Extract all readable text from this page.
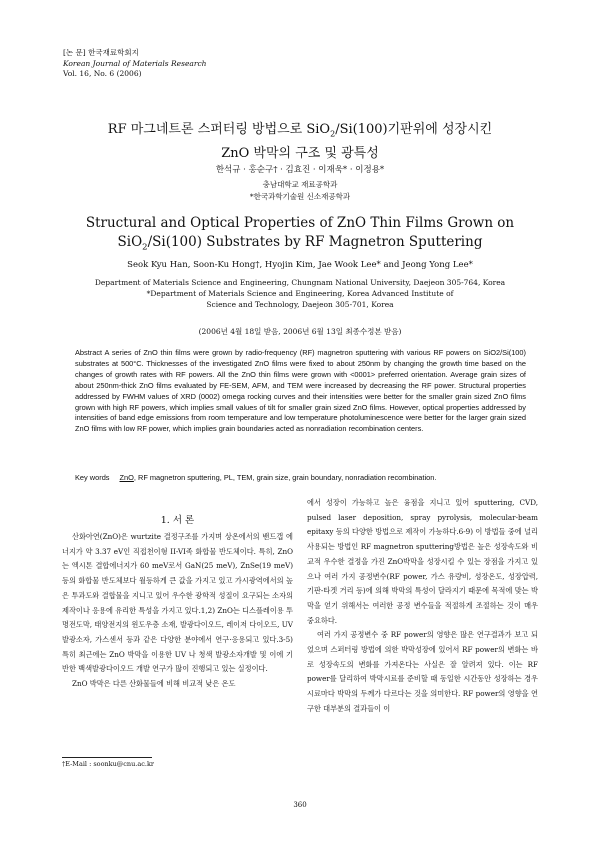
[논 문] 한국재료학회지
Korean Journal of Materials Research
Vol. 16, No. 6 (2006)
RF 마그네트론 스퍼터링 방법으로 SiO$_2$/Si(100)기판위에 성장시킨
ZnO 박막의 구조 및 광특성
한석규 · 홍순구† · 김효진 · 이재욱* · 이정용*
충남대학교 재료공학과
*한국과학기술원 신소재공학과
Structural and Optical Properties of ZnO Thin Films Grown on
SiO$_2$/Si(100) Substrates by RF Magnetron Sputtering
Seok Kyu Han, Soon-Ku Hong†, Hyojin Kim, Jae Wook Lee* and Jeong Yong Lee*
Department of Materials Science and Engineering, Chungnam National University, Daejeon 305-764, Korea
*Department of Materials Science and Engineering, Korea Advanced Institute of
Science and Technology, Daejeon 305-701, Korea
(2006년 4월 18일 받음, 2006년 6월 13일 최종수정본 받음)
Abstract A series of ZnO thin films were grown by radio-frequency (RF) magnetron sputtering with various RF powers on SiO2/Si(100) substrates at 500°C. Thicknesses of the investigated ZnO films were fixed to about 250nm by changing the growth time based on the changes of growth rates with RF powers. All the ZnO thin films were grown with <0001> preferred orientation. Average grain sizes of about 250nm-thick ZnO films evaluated by FE-SEM, AFM, and TEM were increased by decreasing the RF power. Structural properties addressed by FWHM values of XRD (0002) omega rocking curves and their intensities were better for the smaller grain sized ZnO films grown with high RF powers, which implies small values of tilt for smaller grain sized ZnO films. However, optical properties addressed by intensities of band edge emissions from room temperature and low temperature photoluminescence were better for the larger grain sized ZnO films with low RF power, which implies grain boundaries acted as nonradiation recombination centers.
Key words ZnO, RF magnetron sputtering, PL, TEM, grain size, grain boundary, nonradiation recombination.
1. 서 론

산화아연(ZnO)은 wurtzite 결정구조를 가지며 상온에서의 밴드갭 에너지가 약 3.37 eV인 직접천이형 II-VI족 화합물 반도체이다. 특히, ZnO는 엑시톤 결합에너지가 60 meV로서 GaN(25 meV), ZnSe(19 meV) 등의 화합물 반도체보다 월등하게 큰 값을 가지고 있고 가시광역에서의 높은 투과도와 결합물을 지니고 있어 우수한 광학적 성질이 요구되는 소자의 제작이나 응용에 유리한 특성을 가지고 있다.1,2) ZnO는 디스플레이용 투명전도막, 태양전지의 윈도우층 소재, 발광다이오드, 레이저 다이오드, UV 발광소자, 가스센서 등과 같은 다양한 분야에서 연구·응용되고 있다.3-5) 특히 최근에는 ZnO 박막을 이용한 UV 나 청색 발광소자개발 및 이에 기반한 백색발광다이오드 개발 연구가 많이 진행되고 있는 실정이다.

ZnO 박막은 다른 산화물들에 비해 비교적 낮은 온도

에서 성장이 가능하고 높은 융점을 지니고 있어 sputtering, CVD, pulsed laser deposition, spray pyrolysis, molecular-beam epitaxy 등의 다양한 방법으로 제작이 가능하다.6-9) 이 방법들 중에 널리 사용되는 방법인 RF magnetron sputtering방법은 높은 성장속도와 비교적 우수한 결정을 가진 ZnO박막을 성장시킬 수 있는 장점을 가지고 있으나 여러 가지 공정변수(RF power, 가스 유량비, 성장온도, 성장압력, 기판-타겟 거리 등)에 의해 박막의 특성이 달라지기 때문에 목적에 맞는 박막을 얻기 위해서는 여러한 공정 변수들을 적절하게 조절하는 것이 매우 중요하다.

여러 가지 공정변수 중 RF power의 영향은 많은 연구결과가 보고 되었으며 스퍼터링 방법에 의한 박막성장에 있어서 RF power의 변화는 바로 성장속도의 변화를 가져온다는 사실은 잘 알려져 있다. 이는 RF power를 달리하여 박막시료를 준비할 때 동일한 시간동안 성장하는 경우 시료마다 박막의 두께가 다르다는 것을 의미한다. RF power의 영향을 연구한 대부분의 결과들이 이

†E-Mail : soonku@cnu.ac.kr
360
